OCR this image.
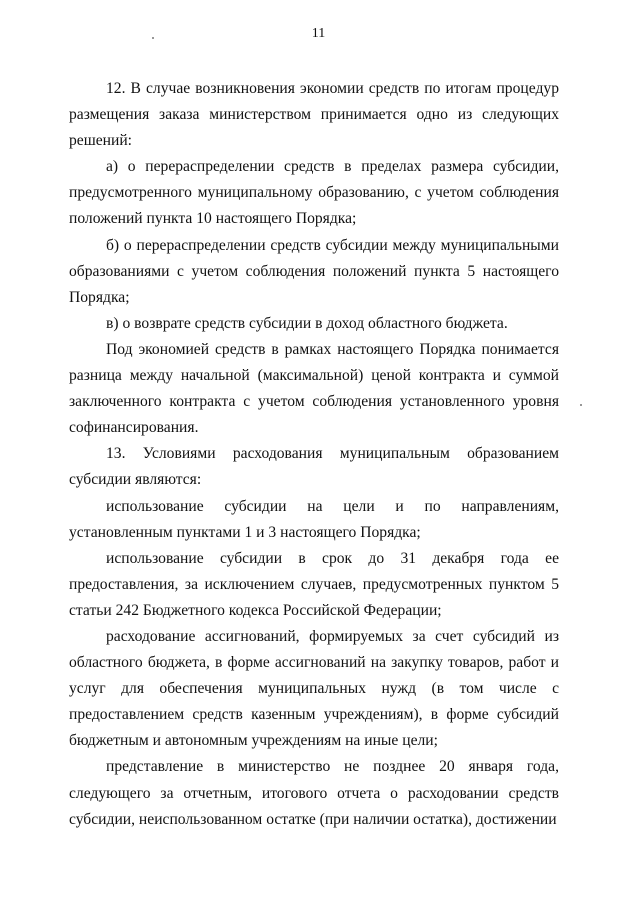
11

12. В случае возникновения экономии средств по итогам процедур размещения заказа министерством принимается одно из следующих решений:

а) о перераспределении средств в пределах размера субсидии, предусмотренного муниципальному образованию, с учетом соблюдения положений пункта 10 настоящего Порядка;

б) о перераспределении средств субсидии между муниципальными образованиями с учетом соблюдения положений пункта 5 настоящего Порядка;

в) о возврате средств субсидии в доход областного бюджета.

Под экономией средств в рамках настоящего Порядка понимается разница между начальной (максимальной) ценой контракта и суммой заключенного контракта с учетом соблюдения установленного уровня софинансирования.

13. Условиями расходования муниципальным образованием субсидии являются:

использование субсидии на цели и по направлениям, установленным пунктами 1 и 3 настоящего Порядка;

использование субсидии в срок до 31 декабря года ее предоставления, за исключением случаев, предусмотренных пунктом 5 статьи 242 Бюджетного кодекса Российской Федерации;

расходование ассигнований, формируемых за счет субсидий из областного бюджета, в форме ассигнований на закупку товаров, работ и услуг для обеспечения муниципальных нужд (в том числе с предоставлением средств казенным учреждениям), в форме субсидий бюджетным и автономным учреждениям на иные цели;

представление в министерство не позднее 20 января года, следующего за отчетным, итогового отчета о расходовании средств субсидии, неиспользованном остатке (при наличии остатка), достижении
